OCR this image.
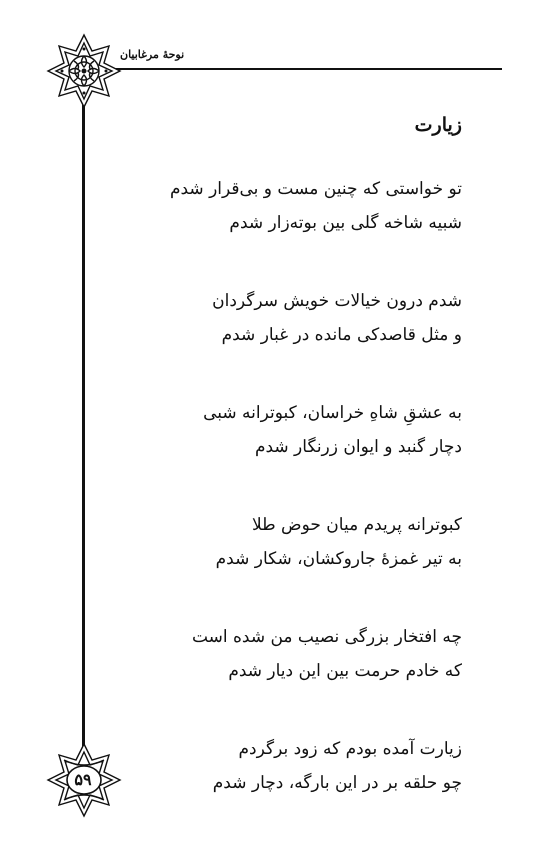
نوحهٔ مرغابیان
۵۹
زیارت
تو خواستی که چنین مست و بی‌قرار شدم
شبیه شاخه گلی بین بوته‌زار شدم
شدم درون خیالات خویش سرگردان
و مثل قاصدکی مانده در غبار شدم
به عشقِ شاهِ خراسان، کبوترانه شبی
دچار گنبد و ایوان زرنگار شدم
کبوترانه پریدم میان حوض طلا
به تیر غمزهٔ جاروکشان، شکار شدم
چه افتخار بزرگی نصیب من شده است
که خادم حرمت بین این دیار شدم
زیارت آمده بودم که زود برگردم
چو حلقه بر در این بارگه، دچار شدم
